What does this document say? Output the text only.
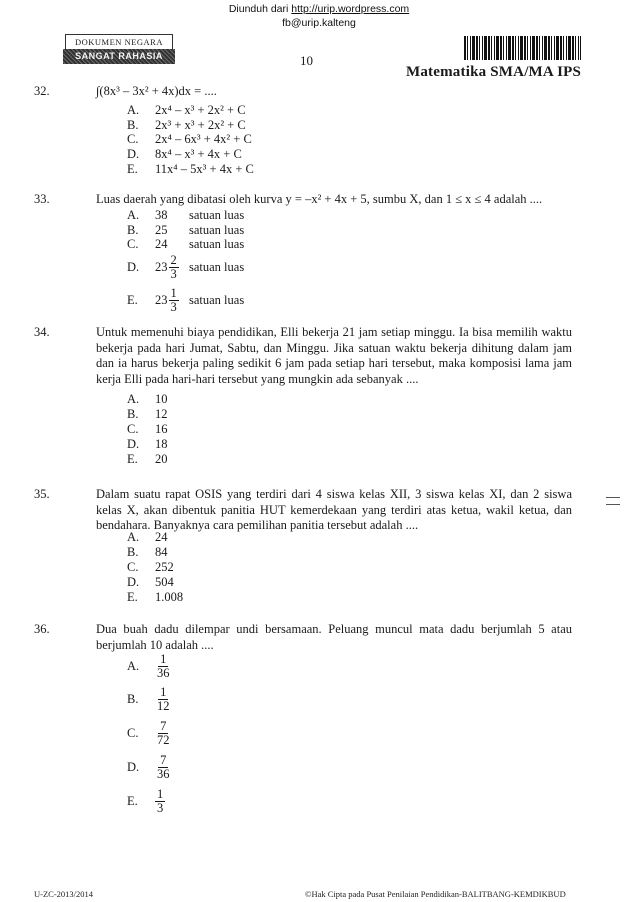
Diunduh dari http://urip.wordpress.com
fb@urip.kalteng
DOKUMEN NEGARA
SANGAT RAHASIA	10
Matematika SMA/MA IPS
32.	∫(8x³ – 3x² + 4x)dx = ....
A. 2x⁴ – x³ + 2x² + C
B. 2x³ + x³ + 2x² + C
C. 2x⁴ – 6x³ + 4x² + C
D. 8x⁴ – x³ + 4x + C
E. 11x⁴ – 5x³ + 4x + C
33.	Luas daerah yang dibatasi oleh kurva y = –x² + 4x + 5, sumbu X, dan 1 ≤ x ≤ 4 adalah ....
A. 38 satuan luas
B. 25 satuan luas
C. 24 satuan luas
D. $23 \frac{2}{3}$ satuan luas
E. $23 \frac{1}{3}$ satuan luas
34.	Untuk memenuhi biaya pendidikan, Elli bekerja 21 jam setiap minggu. Ia bisa memilih waktu bekerja pada hari Jumat, Sabtu, dan Minggu. Jika satuan waktu bekerja dihitung dalam jam dan ia harus bekerja paling sedikit 6 jam pada setiap hari tersebut, maka komposisi lama jam kerja Elli pada hari-hari tersebut yang mungkin ada sebanyak ....
A. 10
B. 12
C. 16
D. 18
E. 20
35.	Dalam suatu rapat OSIS yang terdiri dari 4 siswa kelas XII, 3 siswa kelas XI, dan 2 siswa kelas X, akan dibentuk panitia HUT kemerdekaan yang terdiri atas ketua, wakil ketua, dan bendahara. Banyaknya cara pemilihan panitia tersebut adalah ....
A. 24
B. 84
C. 252
D. 504
E. 1.008
36.	Dua buah dadu dilempar undi bersamaan. Peluang muncul mata dadu berjumlah 5 atau berjumlah 10 adalah ....
A. $\frac{1}{36}$
B. $\frac{1}{12}$
C. $\frac{7}{72}$
D. $\frac{7}{36}$
E. $\frac{1}{3}$
U-ZC-2013/2014	©Hak Cipta pada Pusat Penilaian Pendidikan-BALITBANG-KEMDIKBUD
